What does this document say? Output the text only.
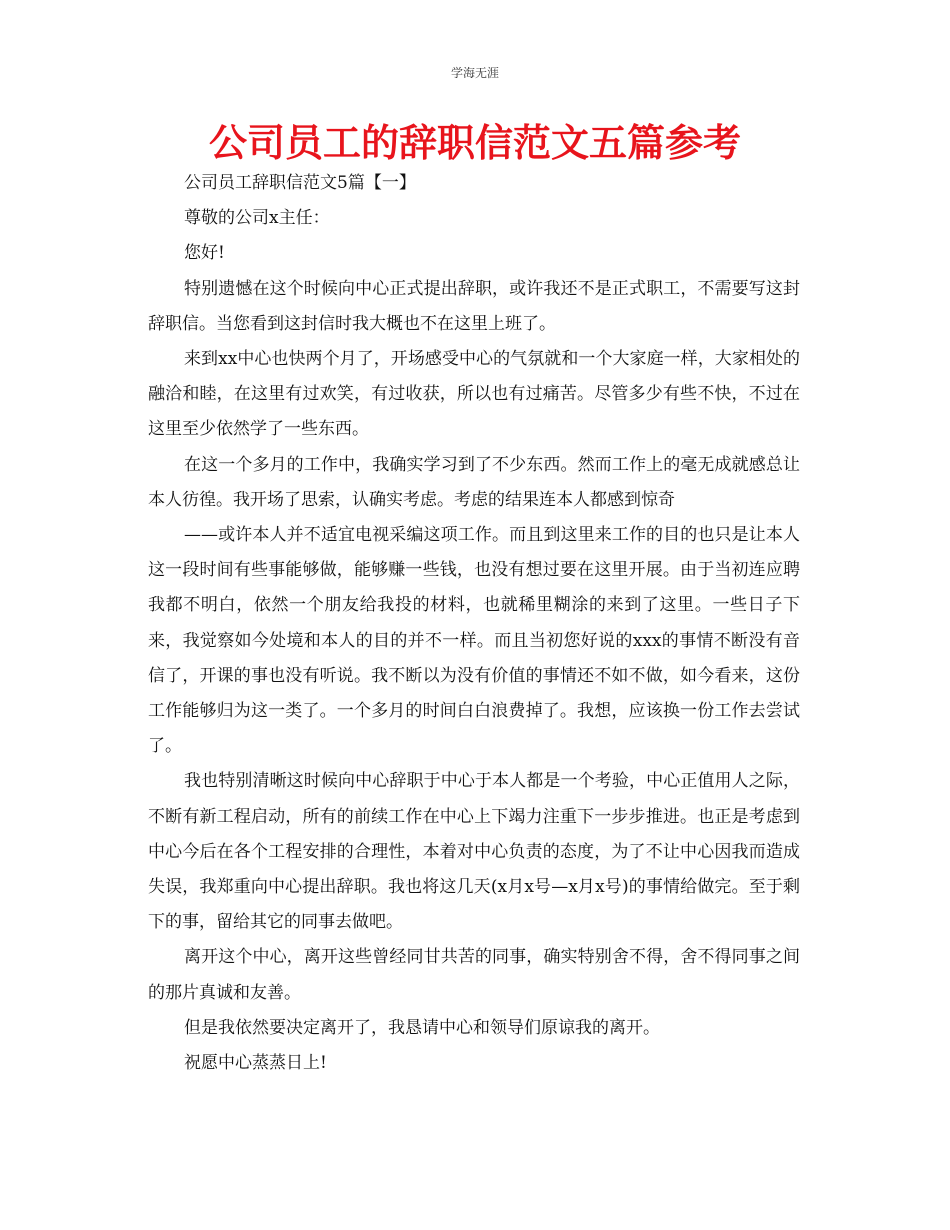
学海无涯
公司员工的辞职信范文五篇参考

公司员工辞职信范文5篇【一】

尊敬的公司x主任：

您好!

特别遗憾在这个时候向中心正式提出辞职，或许我还不是正式职工，不需要写这封辞职信。当您看到这封信时我大概也不在这里上班了。

来到xx中心也快两个月了，开场感受中心的气氛就和一个大家庭一样，大家相处的融洽和睦，在这里有过欢笑，有过收获，所以也有过痛苦。尽管多少有些不快，不过在这里至少依然学了一些东西。

在这一个多月的工作中，我确实学习到了不少东西。然而工作上的毫无成就感总让本人彷徨。我开场了思索，认确实考虑。考虑的结果连本人都感到惊奇

——或许本人并不适宜电视采编这项工作。而且到这里来工作的目的也只是让本人这一段时间有些事能够做，能够赚一些钱，也没有想过要在这里开展。由于当初连应聘我都不明白，依然一个朋友给我投的材料，也就稀里糊涂的来到了这里。一些日子下来，我觉察如今处境和本人的目的并不一样。而且当初您好说的xxx的事情不断没有音信了，开课的事也没有听说。我不断以为没有价值的事情还不如不做，如今看来，这份工作能够归为这一类了。一个多月的时间白白浪费掉了。我想，应该换一份工作去尝试了。

我也特别清晰这时候向中心辞职于中心于本人都是一个考验，中心正值用人之际，不断有新工程启动，所有的前续工作在中心上下竭力注重下一步步推进。也正是考虑到中心今后在各个工程安排的合理性，本着对中心负责的态度，为了不让中心因我而造成失误，我郑重向中心提出辞职。我也将这几天(x月x号—x月x号)的事情给做完。至于剩下的事，留给其它的同事去做吧。

离开这个中心，离开这些曾经同甘共苦的同事，确实特别舍不得，舍不得同事之间的那片真诚和友善。

但是我依然要决定离开了，我恳请中心和领导们原谅我的离开。

祝愿中心蒸蒸日上!
